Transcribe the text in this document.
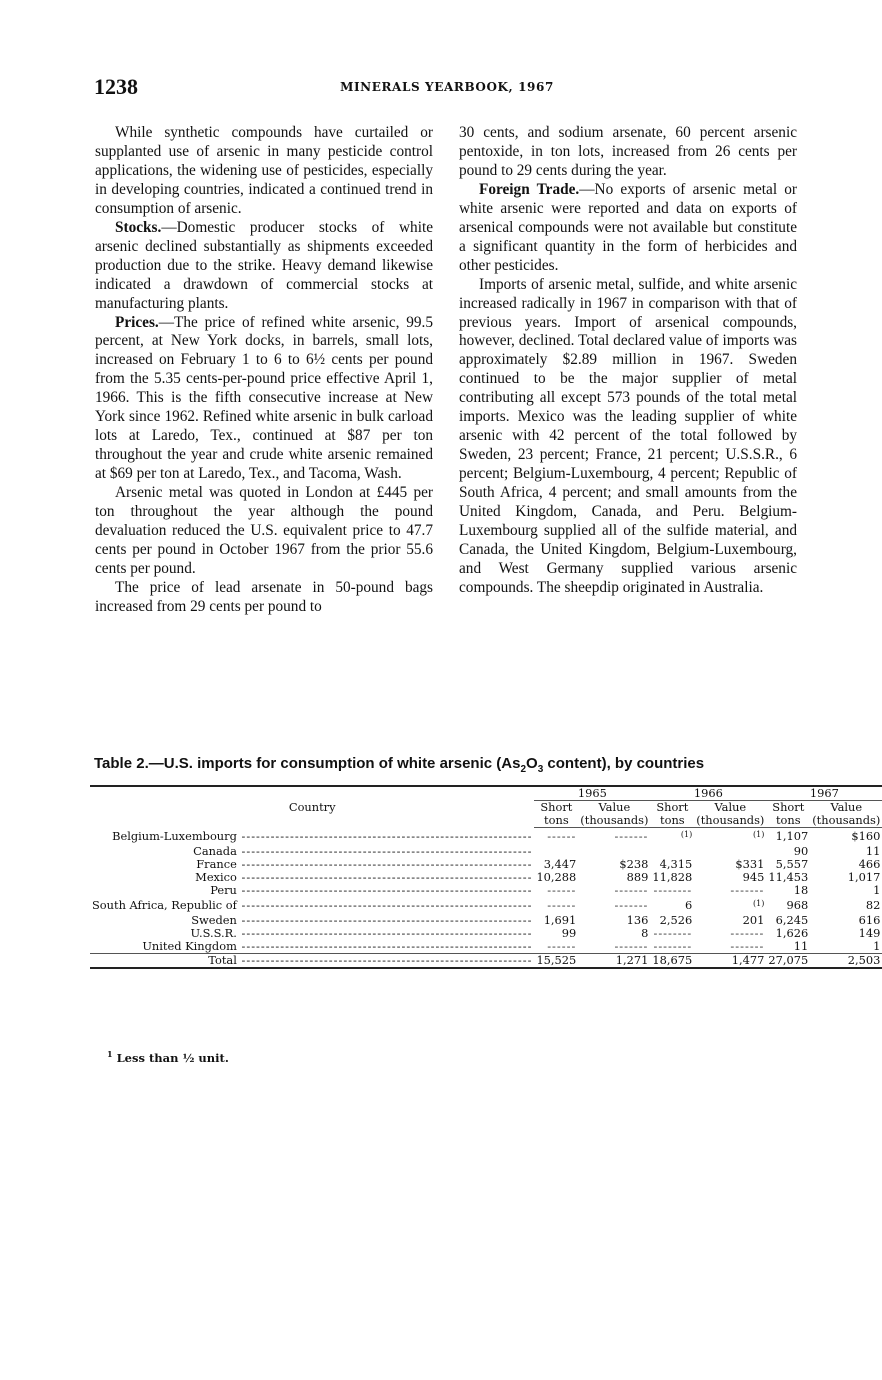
1238	MINERALS YEARBOOK, 1967

While synthetic compounds have curtailed or supplanted use of arsenic in many pesticide control applications, the widening use of pesticides, especially in developing countries, indicated a continued trend in consumption of arsenic.

Stocks.—Domestic producer stocks of white arsenic declined substantially as shipments exceeded production due to the strike. Heavy demand likewise indicated a drawdown of commercial stocks at manufacturing plants.

Prices.—The price of refined white arsenic, 99.5 percent, at New York docks, in barrels, small lots, increased on February 1 to 6 to 6½ cents per pound from the 5.35 cents-per-pound price effective April 1, 1966. This is the fifth consecutive increase at New York since 1962. Refined white arsenic in bulk carload lots at Laredo, Tex., continued at $87 per ton throughout the year and crude white arsenic remained at $69 per ton at Laredo, Tex., and Tacoma, Wash.

Arsenic metal was quoted in London at £445 per ton throughout the year although the pound devaluation reduced the U.S. equivalent price to 47.7 cents per pound in October 1967 from the prior 55.6 cents per pound.

The price of lead arsenate in 50-pound bags increased from 29 cents per pound to

30 cents, and sodium arsenate, 60 percent arsenic pentoxide, in ton lots, increased from 26 cents per pound to 29 cents during the year.

Foreign Trade.—No exports of arsenic metal or white arsenic were reported and data on exports of arsenical compounds were not available but constitute a significant quantity in the form of herbicides and other pesticides.

Imports of arsenic metal, sulfide, and white arsenic increased radically in 1967 in comparison with that of previous years. Import of arsenical compounds, however, declined. Total declared value of imports was approximately $2.89 million in 1967. Sweden continued to be the major supplier of metal contributing all except 573 pounds of the total metal imports. Mexico was the leading supplier of white arsenic with 42 percent of the total followed by Sweden, 23 percent; France, 21 percent; U.S.S.R., 6 percent; Belgium-Luxembourg, 4 percent; Republic of South Africa, 4 percent; and small amounts from the United Kingdom, Canada, and Peru. Belgium-Luxembourg supplied all of the sulfide material, and Canada, the United Kingdom, Belgium-Luxembourg, and West Germany supplied various arsenic compounds. The sheepdip originated in Australia.

Table 2.—U.S. imports for consumption of white arsenic ($As_2O_3$ content), by countries
Country	1965		1966		1967	
	Short tons	Value (thousands)	Short tons	Value (thousands)	Short tons	Value (thousands)
Belgium-Luxembourg ------------------------------------------------------------	------	-------	$^{(1)}$	$^{(1)}$	1,107	$160
Canada ------------------------------------------------------------					90	11
France ------------------------------------------------------------	3,447	$238	4,315	$331	5,557	466
Mexico ------------------------------------------------------------	10,288	889	11,828	945	11,453	1,017
Peru ------------------------------------------------------------	------	-------	--------	-------	18	1
South Africa, Republic of ------------------------------------------------------------	------	-------	6	$^{(1)}$	968	82
Sweden ------------------------------------------------------------	1,691	136	2,526	201	6,245	616
U.S.S.R. ------------------------------------------------------------	99	8	--------	-------	1,626	149
United Kingdom ------------------------------------------------------------	------	-------	--------	-------	11	1
Total ------------------------------------------------------------	15,525	1,271	18,675	1,477	27,075	2,503
$^1$ Less than ½ unit.
